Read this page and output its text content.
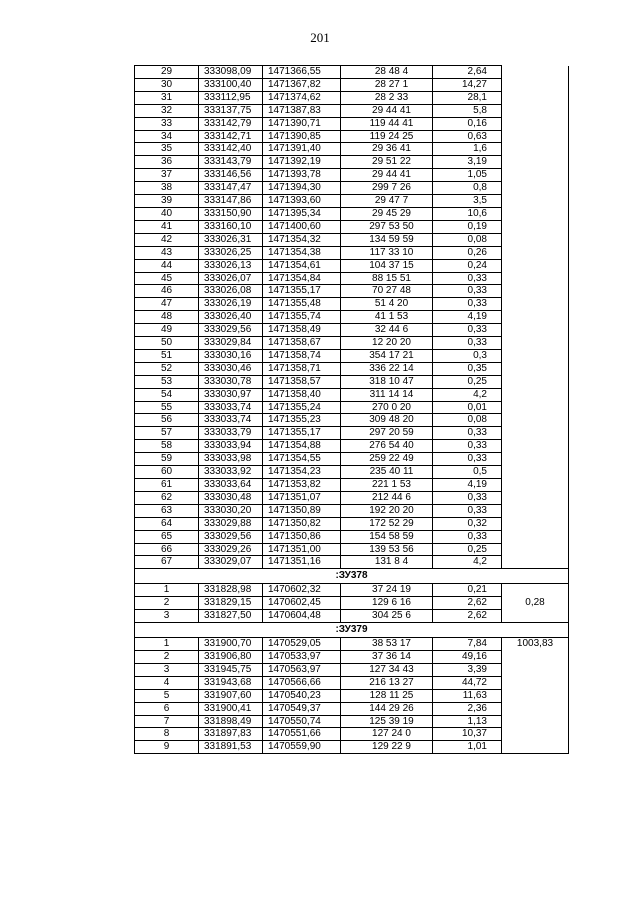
201
29	333098,09	1471366,55	28 48 4	2,64	
30	333100,40	1471367,82	28 27 1	14,27	
31	333112,95	1471374,62	28 2 33	28,1	
32	333137,75	1471387,83	29 44 41	5,8	
33	333142,79	1471390,71	119 44 41	0,16	
34	333142,71	1471390,85	119 24 25	0,63	
35	333142,40	1471391,40	29 36 41	1,6	
36	333143,79	1471392,19	29 51 22	3,19	
37	333146,56	1471393,78	29 44 41	1,05	
38	333147,47	1471394,30	299 7 26	0,8	
39	333147,86	1471393,60	29 47 7	3,5	
40	333150,90	1471395,34	29 45 29	10,6	
41	333160,10	1471400,60	297 53 50	0,19	
42	333026,31	1471354,32	134 59 59	0,08	
43	333026,25	1471354,38	117 33 10	0,26	
44	333026,13	1471354,61	104 37 15	0,24	
45	333026,07	1471354,84	88 15 51	0,33	
46	333026,08	1471355,17	70 27 48	0,33	
47	333026,19	1471355,48	51 4 20	0,33	
48	333026,40	1471355,74	41 1 53	4,19	
49	333029,56	1471358,49	32 44 6	0,33	
50	333029,84	1471358,67	12 20 20	0,33	
51	333030,16	1471358,74	354 17 21	0,3	
52	333030,46	1471358,71	336 22 14	0,35	
53	333030,78	1471358,57	318 10 47	0,25	
54	333030,97	1471358,40	311 14 14	4,2	
55	333033,74	1471355,24	270 0 20	0,01	
56	333033,74	1471355,23	309 48 20	0,08	
57	333033,79	1471355,17	297 20 59	0,33	
58	333033,94	1471354,88	276 54 40	0,33	
59	333033,98	1471354,55	259 22 49	0,33	
60	333033,92	1471354,23	235 40 11	0,5	
61	333033,64	1471353,82	221 1 53	4,19	
62	333030,48	1471351,07	212 44 6	0,33	
63	333030,20	1471350,89	192 20 20	0,33	
64	333029,88	1471350,82	172 52 29	0,32	
65	333029,56	1471350,86	154 58 59	0,33	
66	333029,26	1471351,00	139 53 56	0,25	
67	333029,07	1471351,16	131 8 4	4,2	
:ЗУ378					
1	331828,98	1470602,32	37 24 19	0,21	0,28
2	331829,15	1470602,45	129 6 16	2,62	
3	331827,50	1470604,48	304 25 6	2,62	
:ЗУ379					
1	331900,70	1470529,05	38 53 17	7,84	1003,83
2	331906,80	1470533,97	37 36 14	49,16	
3	331945,75	1470563,97	127 34 43	3,39	
4	331943,68	1470566,66	216 13 27	44,72	
5	331907,60	1470540,23	128 11 25	11,63	
6	331900,41	1470549,37	144 29 26	2,36	
7	331898,49	1470550,74	125 39 19	1,13	
8	331897,83	1470551,66	127 24 0	10,37	
9	331891,53	1470559,90	129 22 9	1,01	
